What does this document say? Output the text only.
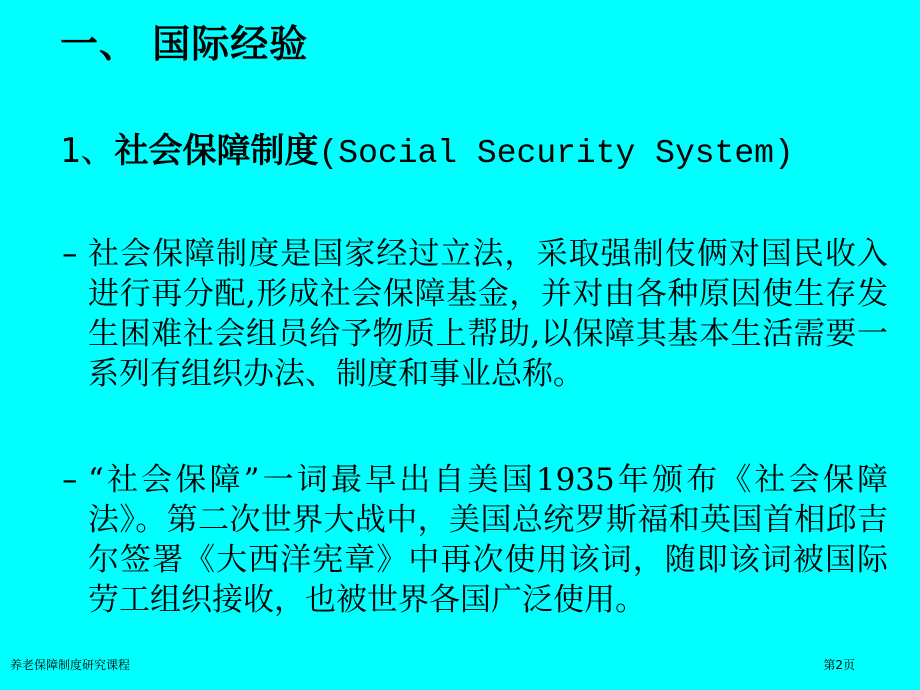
一、 国际经验
1、社会保障制度(Social Security System)
– 社会保障制度是国家经过立法，采取强制伎俩对国民收入进行再分配,形成社会保障基金，并对由各种原因使生存发生困难社会组员给予物质上帮助,以保障其基本生活需要一系列有组织办法、制度和事业总称。
– “社会保障”一词最早出自美国1935年颁布《社会保障法》。第二次世界大战中，美国总统罗斯福和英国首相邱吉尔签署《大西洋宪章》中再次使用该词，随即该词被国际劳工组织接收，也被世界各国广泛使用。
养老保障制度研究课程	第2页
